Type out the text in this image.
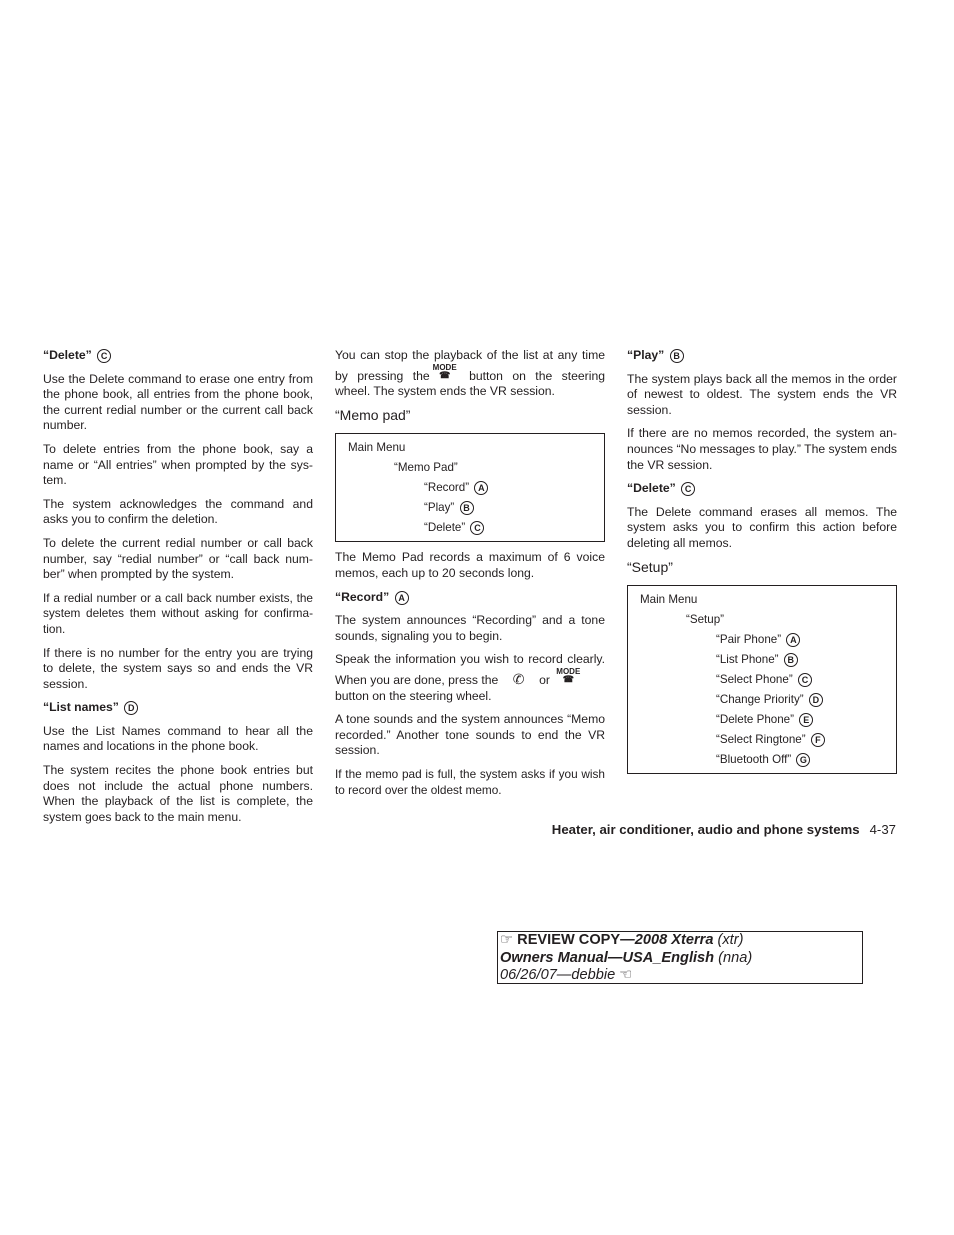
“Delete” C

Use the Delete command to erase one entry from the phone book, all entries from the phone book, the current redial number or the current call back number.

To delete entries from the phone book, say a name or “All entries” when prompted by the sys-tem.

The system acknowledges the command and asks you to confirm the deletion.

To delete the current redial number or call back number, say “redial number” or “call back num-ber” when prompted by the system.

If a redial number or a call back number exists, the system deletes them without asking for confirma-tion.

If there is no number for the entry you are trying to delete, the system says so and ends the VR session.

“List names” D

Use the List Names command to hear all the names and locations in the phone book.

The system recites the phone book entries but does not include the actual phone numbers. When the playback of the list is complete, the system goes back to the main menu.

You can stop the playback of the list at any time by pressing theMODE
☎	button on the steering wheel. The system ends the VR session.

“Memo pad”
Main Menu
“Memo Pad”
“Record” A
“Play” B
“Delete” C

The Memo Pad records a maximum of 6 voice memos, each up to 20 seconds long.

“Record” A

The system announces “Recording” and a tone sounds, signaling you to begin.

Speak the information you wish to record clearly. When you are done, press the ✆ or MODE
☎

button on the steering wheel.

A tone sounds and the system announces “Memo recorded.” Another tone sounds to end the VR session.

If the memo pad is full, the system asks if you wish to record over the oldest memo.

“Play” B

The system plays back all the memos in the order of newest to oldest. The system ends the VR session.

If there are no memos recorded, the system an-nounces “No messages to play.” The system ends the VR session.

“Delete” C

The Delete command erases all memos. The system asks you to confirm this action before deleting all memos.

“Setup”
Main Menu
“Setup”
“Pair Phone” A
“List Phone” B
“Select Phone” C
“Change Priority” D
“Delete Phone” E
“Select Ringtone” F
“Bluetooth Off” G
Heater, air conditioner, audio and phone systems 4-37
☞ REVIEW COPY—2008 Xterra (xtr)
Owners Manual—USA_English (nna)
06/26/07—debbie ☜
